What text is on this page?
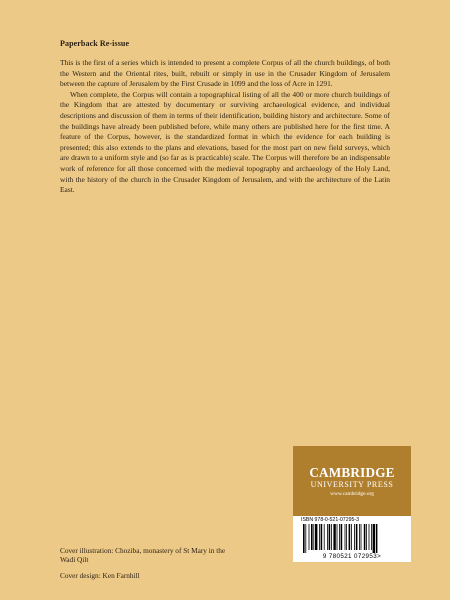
Paperback Re-issue

This is the first of a series which is intended to present a complete Corpus of all the church buildings, of both the Western and the Oriental rites, built, rebuilt or simply in use in the Crusader Kingdom of Jerusalem between the capture of Jerusalem by the First Crusade in 1099 and the loss of Acre in 1291.

When complete, the Corpus will contain a topographical listing of all the 400 or more church buildings of the Kingdom that are attested by documentary or surviving archaeological evidence, and individual descriptions and discussion of them in terms of their identification, building history and architecture. Some of the buildings have already been published before, while many others are published here for the first time. A feature of the Corpus, however, is the standardized format in which the evidence for each building is presented; this also extends to the plans and elevations, based for the most part on new field surveys, which are drawn to a uniform style and (so far as is practicable) scale. The Corpus will therefore be an indispensable work of reference for all those concerned with the medieval topography and archaeology of the Holy Land, with the history of the church in the Crusader Kingdom of Jerusalem, and with the architecture of the Latin East.

Cover illustration: Choziba, monastery of St Mary in the Wadi Qilt
Cover design: Ken Farnhill
CAMBRIDGE
UNIVERSITY PRESS
www.cambridge.org
ISBN 978-0-521-07295-3
9 780521 072953>
